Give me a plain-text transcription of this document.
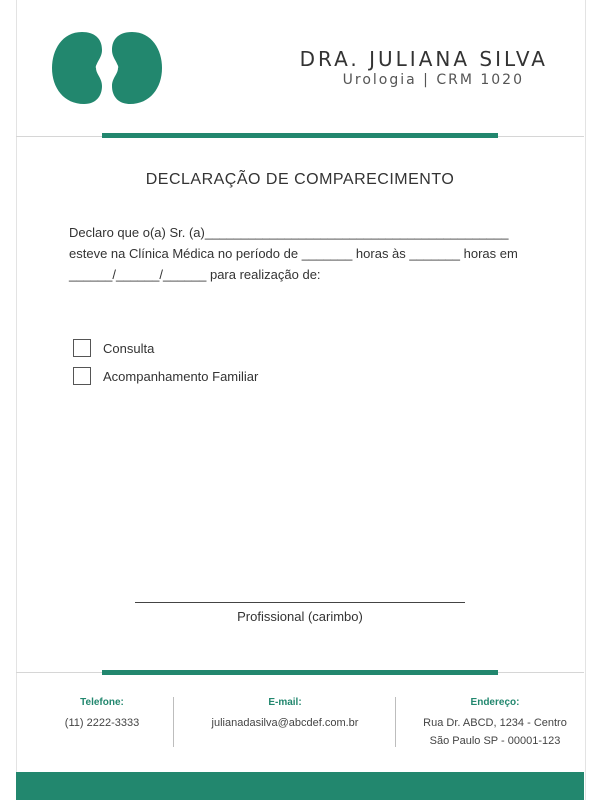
DRA. JULIANA SILVA
Urologia | CRM 1020
DECLARAÇÃO DE COMPARECIMENTO
Declaro que o(a) Sr. (a)__________________________________________
esteve na Clínica Médica no período de _______ horas às _______ horas em
______/______/______ para realização de:
Consulta
Acompanhamento Familiar
Profissional (carimbo)
Telefone:
(11) 2222-3333
E-mail:
julianadasilva@abcdef.com.br
Endereço:
Rua Dr. ABCD, 1234 - Centro
São Paulo SP - 00001-123
